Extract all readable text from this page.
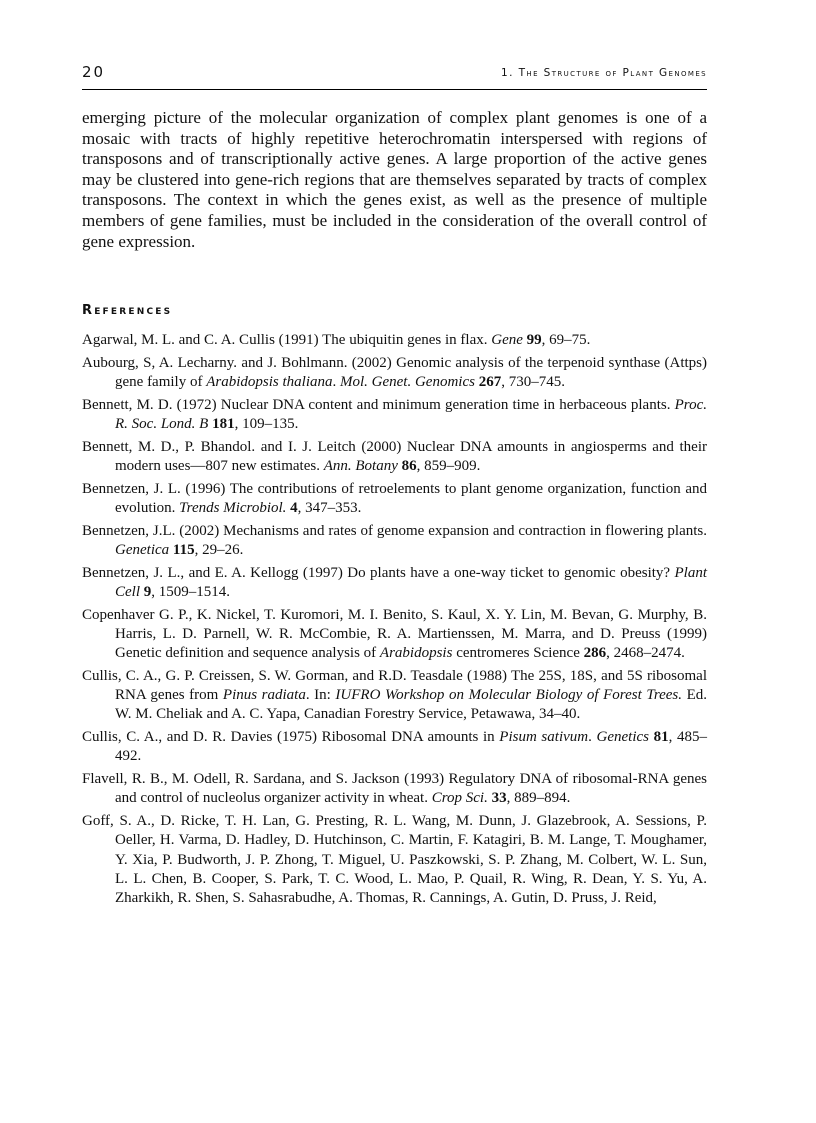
20	1. The Structure of Plant Genomes

emerging picture of the molecular organization of complex plant genomes is one of a mosaic with tracts of highly repetitive heterochromatin interspersed with regions of transposons and of transcriptionally active genes. A large proportion of the active genes may be clustered into gene-rich regions that are themselves separated by tracts of complex transposons. The context in which the genes exist, as well as the presence of multiple members of gene families, must be included in the consideration of the overall control of gene expression.

References
Agarwal, M. L. and C. A. Cullis (1991) The ubiquitin genes in flax. Gene 99, 69–75.
Aubourg, S, A. Lecharny. and J. Bohlmann. (2002) Genomic analysis of the terpenoid synthase (Attps) gene family of Arabidopsis thaliana. Mol. Genet. Genomics 267, 730–745.
Bennett, M. D. (1972) Nuclear DNA content and minimum generation time in herbaceous plants. Proc. R. Soc. Lond. B 181, 109–135.
Bennett, M. D., P. Bhandol. and I. J. Leitch (2000) Nuclear DNA amounts in angiosperms and their modern uses—807 new estimates. Ann. Botany 86, 859–909.
Bennetzen, J. L. (1996) The contributions of retroelements to plant genome organization, function and evolution. Trends Microbiol. 4, 347–353.
Bennetzen, J.L. (2002) Mechanisms and rates of genome expansion and contraction in flowering plants. Genetica 115, 29–26.
Bennetzen, J. L., and E. A. Kellogg (1997) Do plants have a one-way ticket to genomic obesity? Plant Cell 9, 1509–1514.
Copenhaver G. P., K. Nickel, T. Kuromori, M. I. Benito, S. Kaul, X. Y. Lin, M. Bevan, G. Murphy, B. Harris, L. D. Parnell, W. R. McCombie, R. A. Martienssen, M. Marra, and D. Preuss (1999) Genetic definition and sequence analysis of Arabidopsis centromeres Science 286, 2468–2474.
Cullis, C. A., G. P. Creissen, S. W. Gorman, and R.D. Teasdale (1988) The 25S, 18S, and 5S ribosomal RNA genes from Pinus radiata. In: IUFRO Workshop on Molecular Biology of Forest Trees. Ed. W. M. Cheliak and A. C. Yapa, Canadian Forestry Service, Petawawa, 34–40.
Cullis, C. A., and D. R. Davies (1975) Ribosomal DNA amounts in Pisum sativum. Genetics 81, 485–492.
Flavell, R. B., M. Odell, R. Sardana, and S. Jackson (1993) Regulatory DNA of ribosomal-RNA genes and control of nucleolus organizer activity in wheat. Crop Sci. 33, 889–894.
Goff, S. A., D. Ricke, T. H. Lan, G. Presting, R. L. Wang, M. Dunn, J. Glazebrook, A. Sessions, P. Oeller, H. Varma, D. Hadley, D. Hutchinson, C. Martin, F. Katagiri, B. M. Lange, T. Moughamer, Y. Xia, P. Budworth, J. P. Zhong, T. Miguel, U. Paszkowski, S. P. Zhang, M. Colbert, W. L. Sun, L. L. Chen, B. Cooper, S. Park, T. C. Wood, L. Mao, P. Quail, R. Wing, R. Dean, Y. S. Yu, A. Zharkikh, R. Shen, S. Sahasrabudhe, A. Thomas, R. Cannings, A. Gutin, D. Pruss, J. Reid,
